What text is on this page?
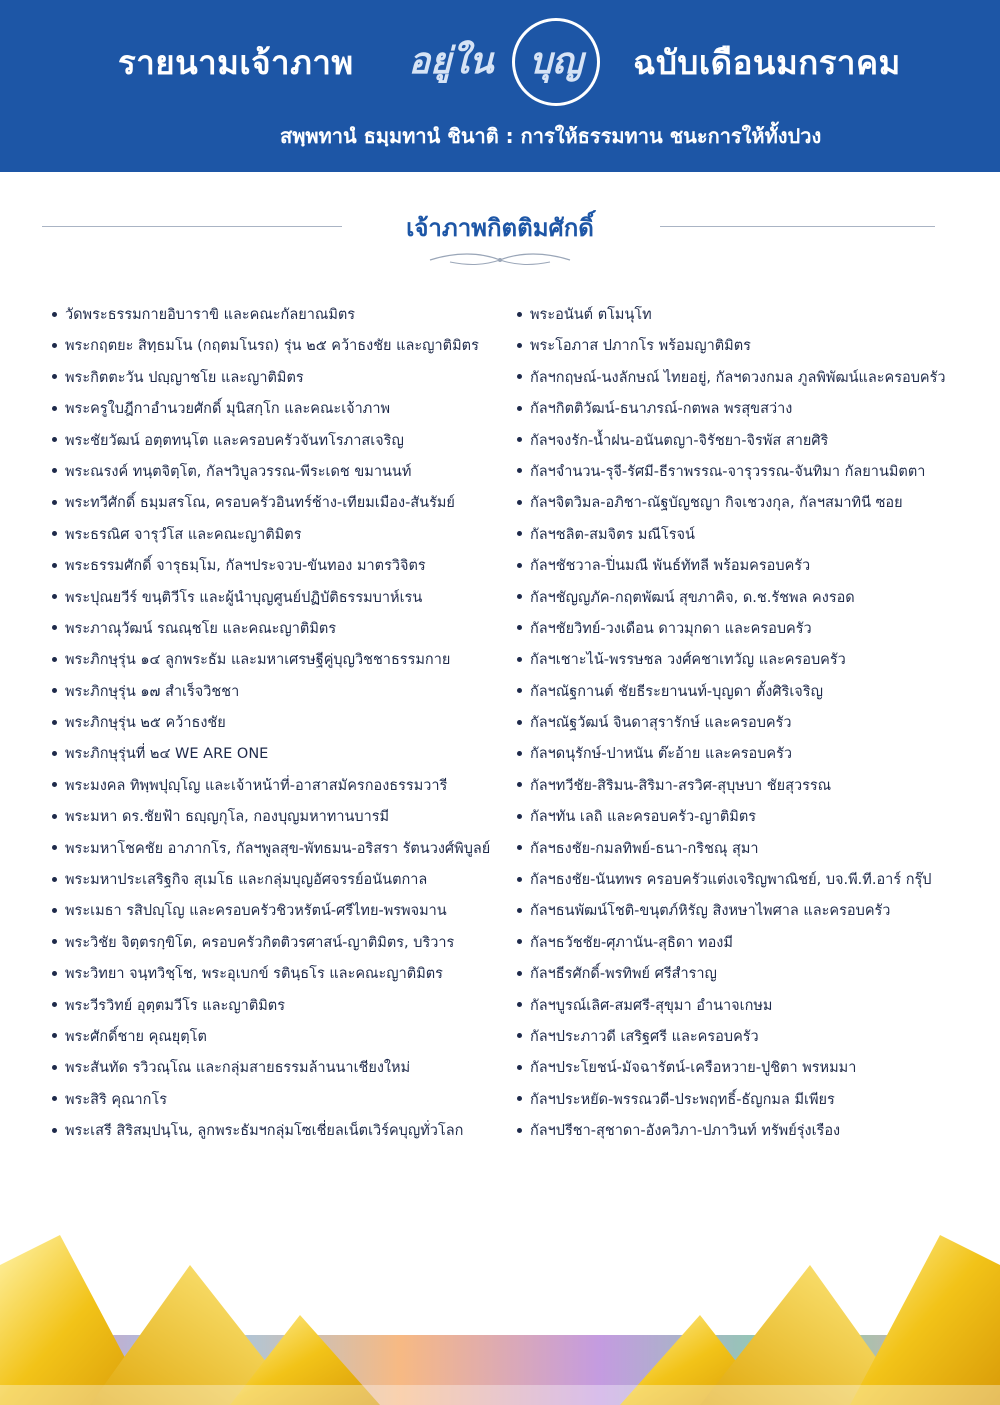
รายนามเจ้าภาพ	อยู่ใน บุญ	ฉบับเดือนมกราคม
สพฺพทานํ ธมฺมทานํ ชินาติ : การให้ธรรมทาน ชนะการให้ทั้งปวง
เจ้าภาพกิตติมศักดิ์
วัดพระธรรมกายอิบาราขิ และคณะกัลยาณมิตร
พระกฤตยะ สิทฺธมโน (กฤตมโนรถ) รุ่น ๒๕ คว้าธงชัย และญาติมิตร
พระกิตตะวัน ปญฺญาชโย และญาติมิตร
พระครูใบฎีกาอำนวยศักดิ์ มุนิสกฺโก และคณะเจ้าภาพ
พระชัยวัฒน์ อตฺตทนฺโต และครอบครัวจันทโรภาสเจริญ
พระณรงค์ ทนฺตจิตฺโต, กัลฯวิบูลวรรณ-พีระเดช ขมานนท์
พระทวีศักดิ์ ธมฺมสรโณ, ครอบครัวอินทร์ช้าง-เทียมเมือง-สันรัมย์
พระธรณิศ จารุวํโส และคณะญาติมิตร
พระธรรมศักดิ์ จารุธมฺโม, กัลฯประจวบ-ขันทอง มาตรวิจิตร
พระปุณยวีร์ ขนฺติวีโร และผู้นำบุญศูนย์ปฏิบัติธรรมบาห์เรน
พระภาณุวัฒน์ รณณฺชโย และคณะญาติมิตร
พระภิกษุรุ่น ๑๔ ลูกพระธัม และมหาเศรษฐีคู่บุญวิชชาธรรมกาย
พระภิกษุรุ่น ๑๗ สำเร็จวิชชา
พระภิกษุรุ่น ๒๕ คว้าธงชัย
พระภิกษุรุ่นที่ ๒๔ WE ARE ONE
พระมงคล ทิพฺพปุญฺโญ และเจ้าหน้าที่-อาสาสมัครกองธรรมวารี
พระมหา ดร.ชัยฟ้า ธญฺญกุโล, กองบุญมหาทานบารมี
พระมหาโชคชัย อาภากโร, กัลฯพูลสุข-พัทธมน-อริสรา รัตนวงศ์พิบูลย์
พระมหาประเสริฐกิจ สุเมโธ และกลุ่มบุญอัศจรรย์อนันตกาล
พระเมธา รสิปญฺโญ และครอบครัวชิวหรัตน์-ศรีไทย-พรพจมาน
พระวิชัย จิตฺตรกฺขิโต, ครอบครัวกิตติวรศาสน์-ญาติมิตร, บริวาร
พระวิทยา จนฺทวิชฺโช, พระอุเบกข์ รตินฺธโร และคณะญาติมิตร
พระวีรวิทย์ อุตฺตมวีโร และญาติมิตร
พระศักดิ์ชาย คุณยุตฺโต
พระสันทัด รวิวณฺโณ และกลุ่มสายธรรมล้านนาเชียงใหม่
พระสิริ คุณากโร
พระเสรี สิริสมฺปนฺโน, ลูกพระธัมฯกลุ่มโซเชี่ยลเน็ตเวิร์คบุญทั่วโลก
พระอนันต์ ตโมนุโท
พระโอภาส ปภากโร พร้อมญาติมิตร
กัลฯกฤษณ์-นงลักษณ์ ไทยอยู่, กัลฯดวงกมล ภูลพิพัฒน์และครอบครัว
กัลฯกิตติวัฒน์-ธนาภรณ์-กตพล พรสุขสว่าง
กัลฯจงรัก-น้ำฝน-อนันตญา-จิรัชยา-จิรพัส สายศิริ
กัลฯจำนวน-รุจี-รัศมี-ธีราพรรณ-จารุวรรณ-จันทิมา กัลยานมิตตา
กัลฯจิตวิมล-อภิชา-ณัฐบัญชญา กิจเชวงกุล, กัลฯสมาทินี ซอย
กัลฯชลิต-สมจิตร มณีโรจน์
กัลฯชัชวาล-ปิ่นมณี พันธ์ทัทลี พร้อมครอบครัว
กัลฯชัญญภัค-กฤตพัฒน์ สุขภาคิจ, ด.ช.รัชพล คงรอด
กัลฯชัยวิทย์-วงเดือน ดาวมุกดา และครอบครัว
กัลฯเชาะไน้-พรรษชล วงศ์คชาเทวัญ และครอบครัว
กัลฯณัฐกานต์ ชัยธีระยานนท์-บุญดา ตั้งศิริเจริญ
กัลฯณัฐวัฒน์ จินดาสุรารักษ์ และครอบครัว
กัลฯดนุรักษ์-ปาหนัน ต๊ะอ้าย และครอบครัว
กัลฯทวีชัย-สิริมน-สิริมา-สรวิศ-สุบุษบา ชัยสุวรรณ
กัลฯทัน เลถิ และครอบครัว-ญาติมิตร
กัลฯธงชัย-กมลทิพย์-ธนา-กริชณุ สุมา
กัลฯธงชัย-นันทพร ครอบครัวแต่งเจริญพาณิชย์, บจ.พี.ที.อาร์ กรุ๊ป
กัลฯธนพัฒน์โชติ-ขนุตภ์หิรัญ สิงหษาไพศาล และครอบครัว
กัลฯธวัชชัย-ศุภานัน-สุธิดา ทองมี
กัลฯธีรศักดิ์-พรทิพย์ ศรีสำราญ
กัลฯบูรณ์เลิศ-สมศรี-สุขุมา อำนาจเกษม
กัลฯประภาวดี เสริฐศรี และครอบครัว
กัลฯประโยชน์-มัจฉารัตน์-เครือหวาย-ปูชิตา พรหมมา
กัลฯประหยัด-พรรณวดี-ประพฤทธิ์-ธัญกมล มีเพียร
กัลฯปรีชา-สุชาดา-อังควิภา-ปภาวินท์ ทรัพย์รุ่งเรือง
